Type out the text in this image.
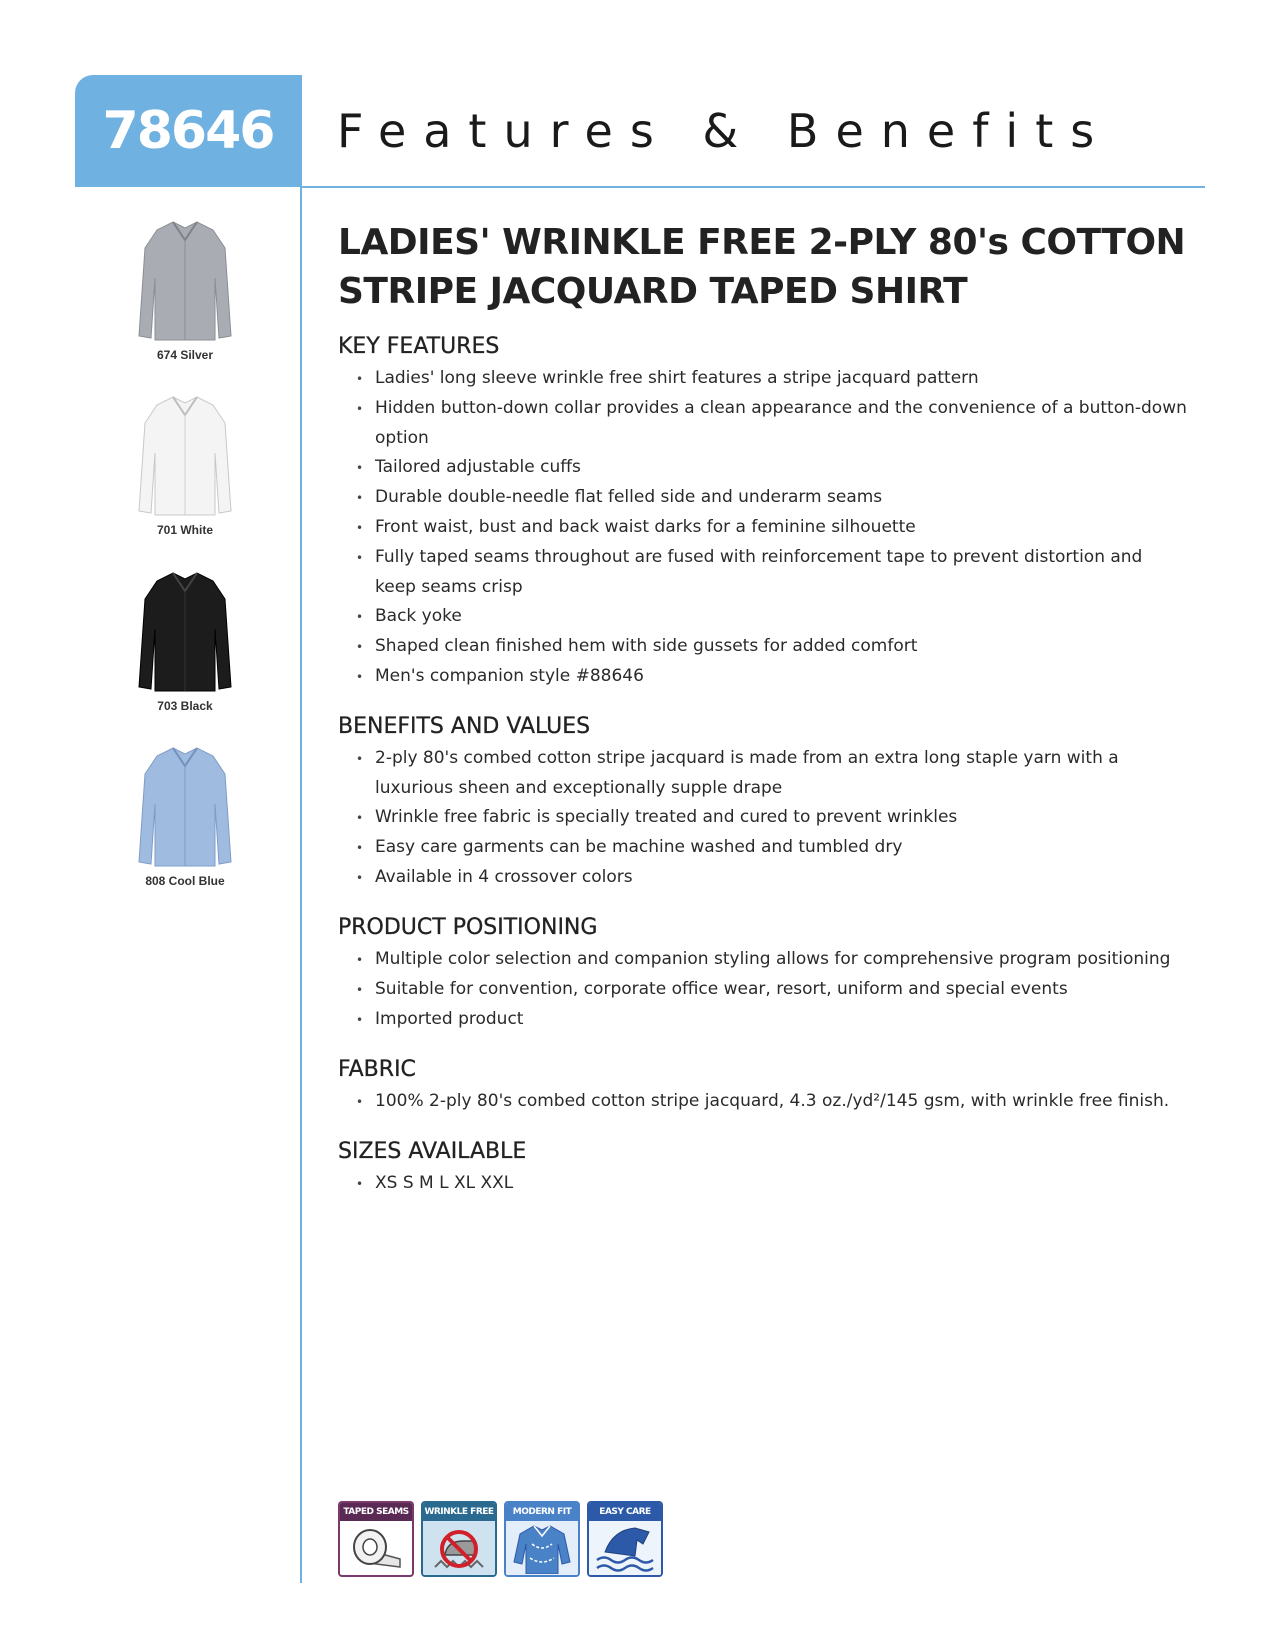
78646 Features & Benefits
674 Silver
701 White
703 Black
808 Cool Blue
LADIES' WRINKLE FREE 2-PLY 80's COTTON
STRIPE JACQUARD TAPED SHIRT
KEY FEATURES
• Ladies' long sleeve wrinkle free shirt features a stripe jacquard pattern
• Hidden button-down collar provides a clean appearance and the convenience of a button-down option
• Tailored adjustable cuffs
• Durable double-needle flat felled side and underarm seams
• Front waist, bust and back waist darks for a feminine silhouette
• Fully taped seams throughout are fused with reinforcement tape to prevent distortion and keep seams crisp
• Back yoke
• Shaped clean finished hem with side gussets for added comfort
• Men's companion style #88646
BENEFITS AND VALUES
• 2-ply 80's combed cotton stripe jacquard is made from an extra long staple yarn with a luxurious sheen and exceptionally supple drape
• Wrinkle free fabric is specially treated and cured to prevent wrinkles
• Easy care garments can be machine washed and tumbled dry
• Available in 4 crossover colors
PRODUCT POSITIONING
• Multiple color selection and companion styling allows for comprehensive program positioning
• Suitable for convention, corporate office wear, resort, uniform and special events
• Imported product
FABRIC
• 100% 2-ply 80's combed cotton stripe jacquard, 4.3 oz./yd²/145 gsm, with wrinkle free finish.
SIZES AVAILABLE
• XS S M L XL XXL
TAPED SEAMS	WRINKLE FREE	MODERN FIT	EASY CARE
